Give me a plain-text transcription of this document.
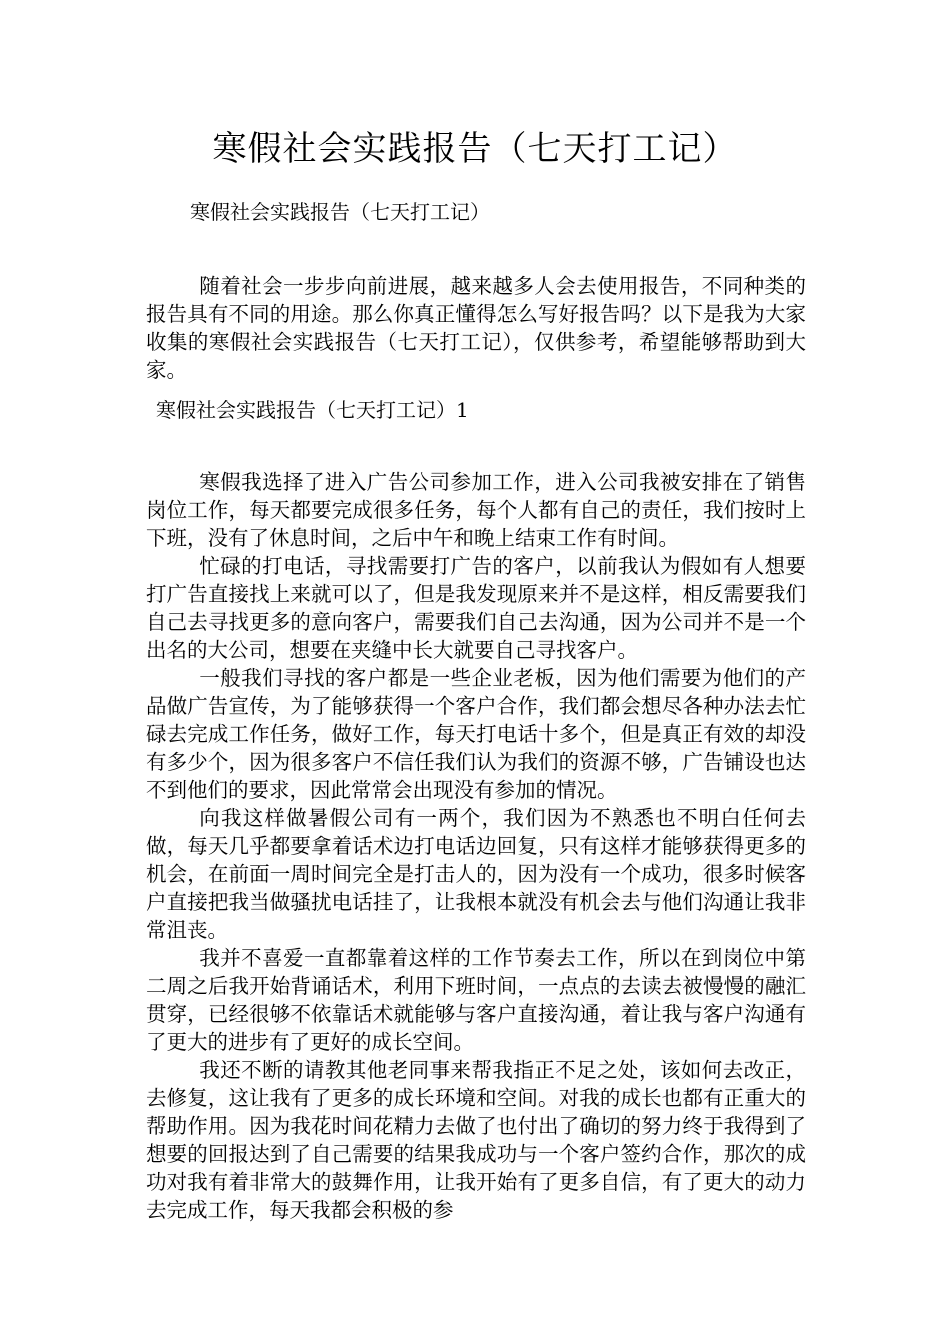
寒假社会实践报告（七天打工记）

寒假社会实践报告（七天打工记）

随着社会一步步向前进展，越来越多人会去使用报告，不同种类的报告具有不同的用途。那么你真正懂得怎么写好报告吗？以下是我为大家收集的寒假社会实践报告（七天打工记），仅供参考，希望能够帮助到大家。

寒假社会实践报告（七天打工记）1

寒假我选择了进入广告公司参加工作，进入公司我被安排在了销售岗位工作，每天都要完成很多任务，每个人都有自己的责任，我们按时上下班，没有了休息时间，之后中午和晚上结束工作有时间。

忙碌的打电话，寻找需要打广告的客户，以前我认为假如有人想要打广告直接找上来就可以了，但是我发现原来并不是这样，相反需要我们自己去寻找更多的意向客户，需要我们自己去沟通，因为公司并不是一个出名的大公司，想要在夹缝中长大就要自己寻找客户。

一般我们寻找的客户都是一些企业老板，因为他们需要为他们的产品做广告宣传，为了能够获得一个客户合作，我们都会想尽各种办法去忙碌去完成工作任务，做好工作，每天打电话十多个，但是真正有效的却没有多少个，因为很多客户不信任我们认为我们的资源不够，广告铺设也达不到他们的要求，因此常常会出现没有参加的情况。

向我这样做暑假公司有一两个，我们因为不熟悉也不明白任何去做，每天几乎都要拿着话术边打电话边回复，只有这样才能够获得更多的机会，在前面一周时间完全是打击人的，因为没有一个成功，很多时候客户直接把我当做骚扰电话挂了，让我根本就没有机会去与他们沟通让我非常沮丧。

我并不喜爱一直都靠着这样的工作节奏去工作，所以在到岗位中第二周之后我开始背诵话术，利用下班时间，一点点的去读去被慢慢的融汇贯穿，已经很够不依靠话术就能够与客户直接沟通，着让我与客户沟通有了更大的进步有了更好的成长空间。

我还不断的请教其他老同事来帮我指正不足之处，该如何去改正，去修复，这让我有了更多的成长环境和空间。对我的成长也都有正重大的帮助作用。因为我花时间花精力去做了也付出了确切的努力终于我得到了想要的回报达到了自己需要的结果我成功与一个客户签约合作，那次的成功对我有着非常大的鼓舞作用，让我开始有了更多自信，有了更大的动力去完成工作，每天我都会积极的参
